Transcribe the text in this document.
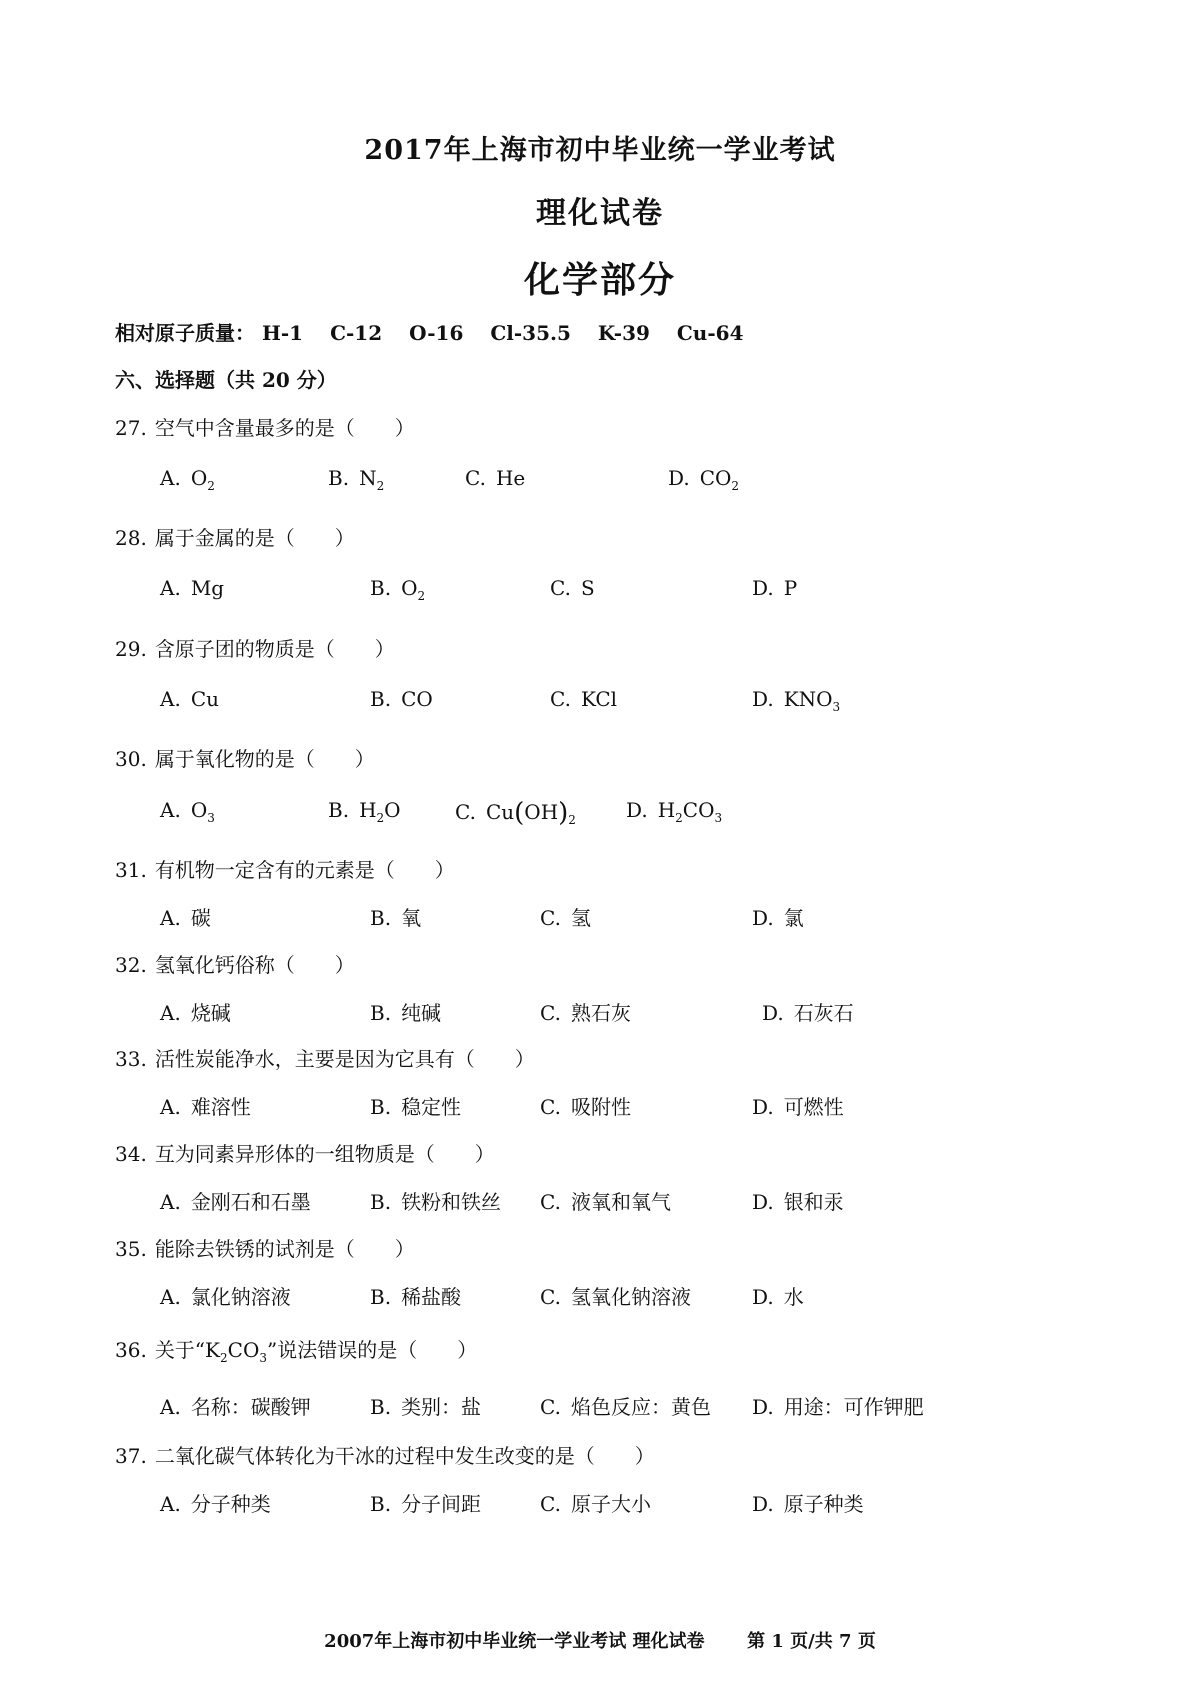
2017年上海市初中毕业统一学业考试
理化试卷
化学部分
相对原子质量： H-1 C-12 O-16 Cl-35.5 K-39 Cu-64
六、选择题（共 20 分）
27. 空气中含量最多的是（　　）
A. $O_2$	B. $N_2$	C. He	D. $CO_2$
28. 属于金属的是（　　）
A. Mg	B. $O_2$	C. S	D. P
29. 含原子团的物质是（　　）
A. Cu	B. CO	C. KCl	D. $KNO_3$
30. 属于氧化物的是（　　）
A. $O_3$	B. $H_2O$	C. $Cu(OH)_2$	D. $H_2CO_3$
31. 有机物一定含有的元素是（　　）
A. 碳	B. 氧	C. 氢	D. 氯
32. 氢氧化钙俗称（　　）
A. 烧碱	B. 纯碱	C. 熟石灰	D. 石灰石
33. 活性炭能净水，主要是因为它具有（　　）
A. 难溶性	B. 稳定性	C. 吸附性	D. 可燃性
34. 互为同素异形体的一组物质是（　　）
A. 金刚石和石墨	B. 铁粉和铁丝 C. 液氧和氧气	D. 银和汞
35. 能除去铁锈的试剂是（　　）
A. 氯化钠溶液	B. 稀盐酸	C. 氢氧化钠溶液	D. 水
36. 关于“$K_2CO_3$”说法错误的是（　　）
A. 名称：碳酸钾	B. 类别：盐	C. 焰色反应：黄色 D. 用途：可作钾肥
37. 二氧化碳气体转化为干冰的过程中发生改变的是（　　）
A. 分子种类	B. 分子间距	C. 原子大小	D. 原子种类
2007年上海市初中毕业统一学业考试 理化试卷 第 1 页/共 7 页
